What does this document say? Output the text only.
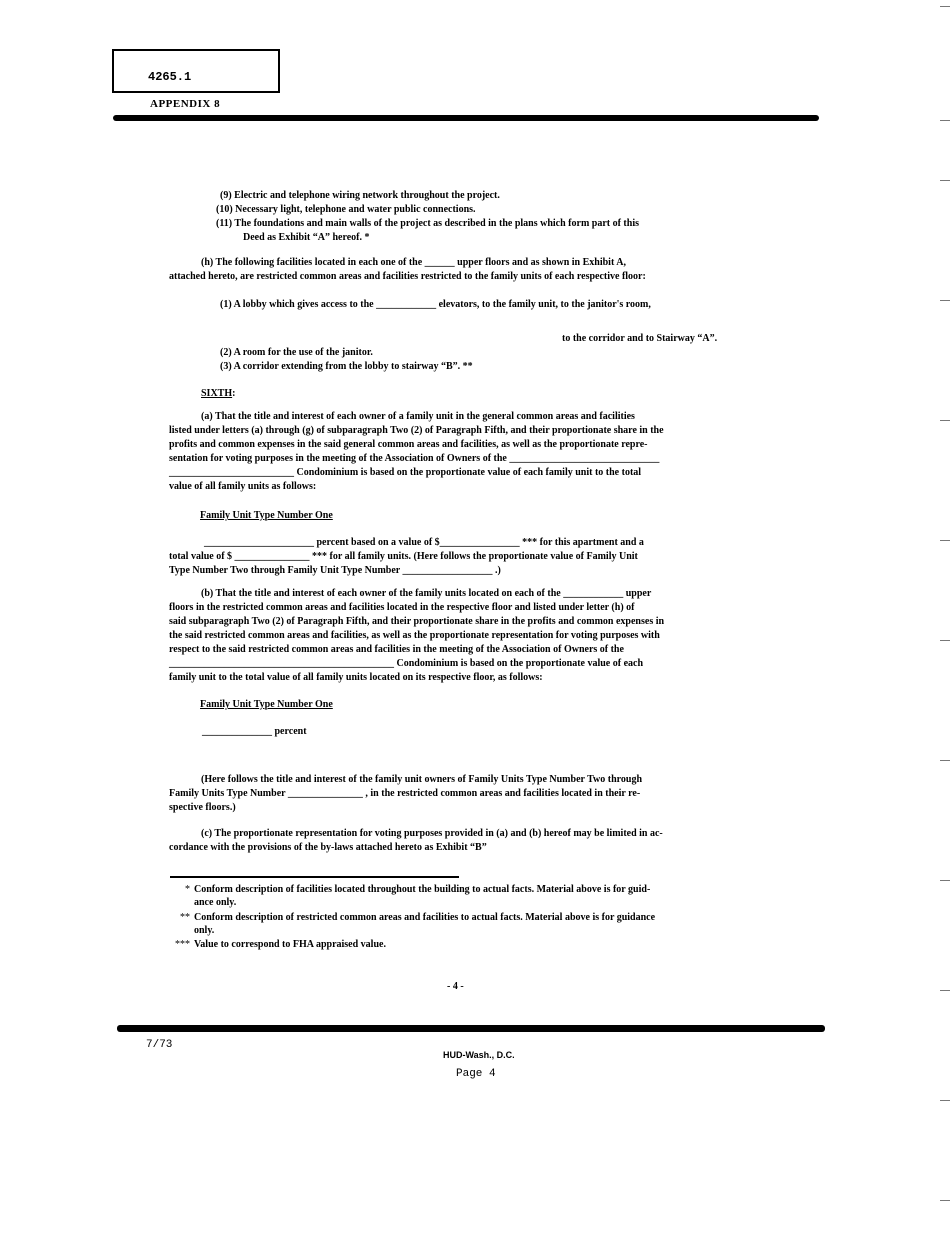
4265.1
APPENDIX 8
(9) Electric and telephone wiring network throughout the project.
(10) Necessary light, telephone and water public connections.
(11) The foundations and main walls of the project as described in the plans which form part of this
Deed as Exhibit “A” hereof. *
(h) The following facilities located in each one of the ______ upper floors and as shown in Exhibit A,
attached hereto, are restricted common areas and facilities restricted to the family units of each respective floor:
(1) A lobby which gives access to the ____________ elevators, to the family unit, to the janitor's room,
to the corridor and to Stairway “A”.
(2) A room for the use of the janitor.
(3) A corridor extending from the lobby to stairway “B”. **
SIXTH:
(a) That the title and interest of each owner of a family unit in the general common areas and facilities
listed under letters (a) through (g) of subparagraph Two (2) of Paragraph Fifth, and their proportionate share in the
profits and common expenses in the said general common areas and facilities, as well as the proportionate repre-
sentation for voting purposes in the meeting of the Association of Owners of the ______________________________
_________________________ Condominium is based on the proportionate value of each family unit to the total
value of all family units as follows:
Family Unit Type Number One
______________________ percent based on a value of $________________ *** for this apartment and a
total value of $ _______________ *** for all family units. (Here follows the proportionate value of Family Unit
Type Number Two through Family Unit Type Number __________________ .)
(b) That the title and interest of each owner of the family units located on each of the ____________ upper
floors in the restricted common areas and facilities located in the respective floor and listed under letter (h) of
said subparagraph Two (2) of Paragraph Fifth, and their proportionate share in the profits and common expenses in
the said restricted common areas and facilities, as well as the proportionate representation for voting purposes with
respect to the said restricted common areas and facilities in the meeting of the Association of Owners of the
_____________________________________________ Condominium is based on the proportionate value of each
family unit to the total value of all family units located on its respective floor, as follows:
Family Unit Type Number One
______________ percent
(Here follows the title and interest of the family unit owners of Family Units Type Number Two through
Family Units Type Number _______________ , in the restricted common areas and facilities located in their re-
spective floors.)
(c) The proportionate representation for voting purposes provided in (a) and (b) hereof may be limited in ac-
cordance with the provisions of the by-laws attached hereto as Exhibit “B”
* Conform description of facilities located throughout the building to actual facts. Material above is for guid-
ance only.
** Conform description of restricted common areas and facilities to actual facts. Material above is for guidance
only.
*** Value to correspond to FHA appraised value.
- 4 -
7/73
HUD-Wash., D.C.
Page 4
